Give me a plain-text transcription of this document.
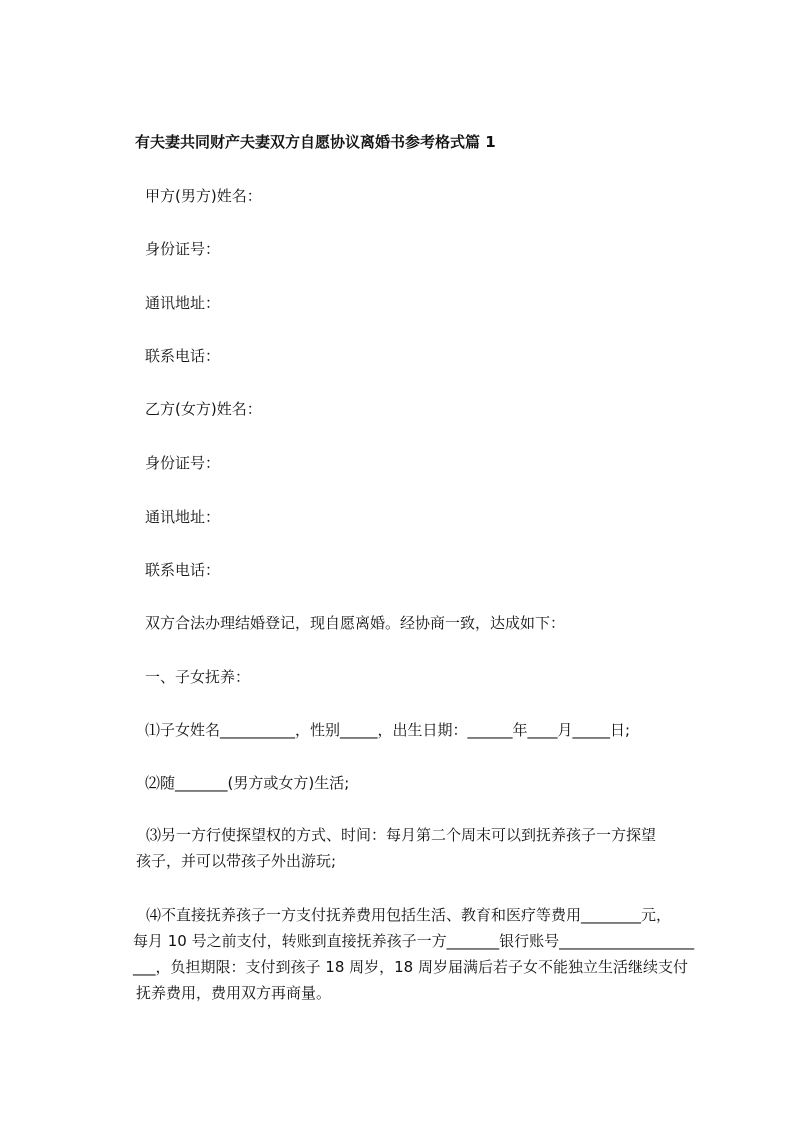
有夫妻共同财产夫妻双方自愿协议离婚书参考格式篇 1
甲方(男方)姓名：
身份证号：
通讯地址：
联系电话：
乙方(女方)姓名：
身份证号：
通讯地址：
联系电话：
双方合法办理结婚登记，现自愿离婚。经协商一致，达成如下：
一、子女抚养：
⑴子女姓名__________，性别_____，出生日期：______年____月_____日;
⑵随_______(男方或女方)生活;
⑶另一方行使探望权的方式、时间：每月第二个周末可以到抚养孩子一方探望
孩子，并可以带孩子外出游玩;
⑷不直接抚养孩子一方支付抚养费用包括生活、教育和医疗等费用________元，
每月 10 号之前支付，转账到直接抚养孩子一方_______银行账号__________________
___，负担期限：支付到孩子 18 周岁，18 周岁届满后若子女不能独立生活继续支付
抚养费用，费用双方再商量。
